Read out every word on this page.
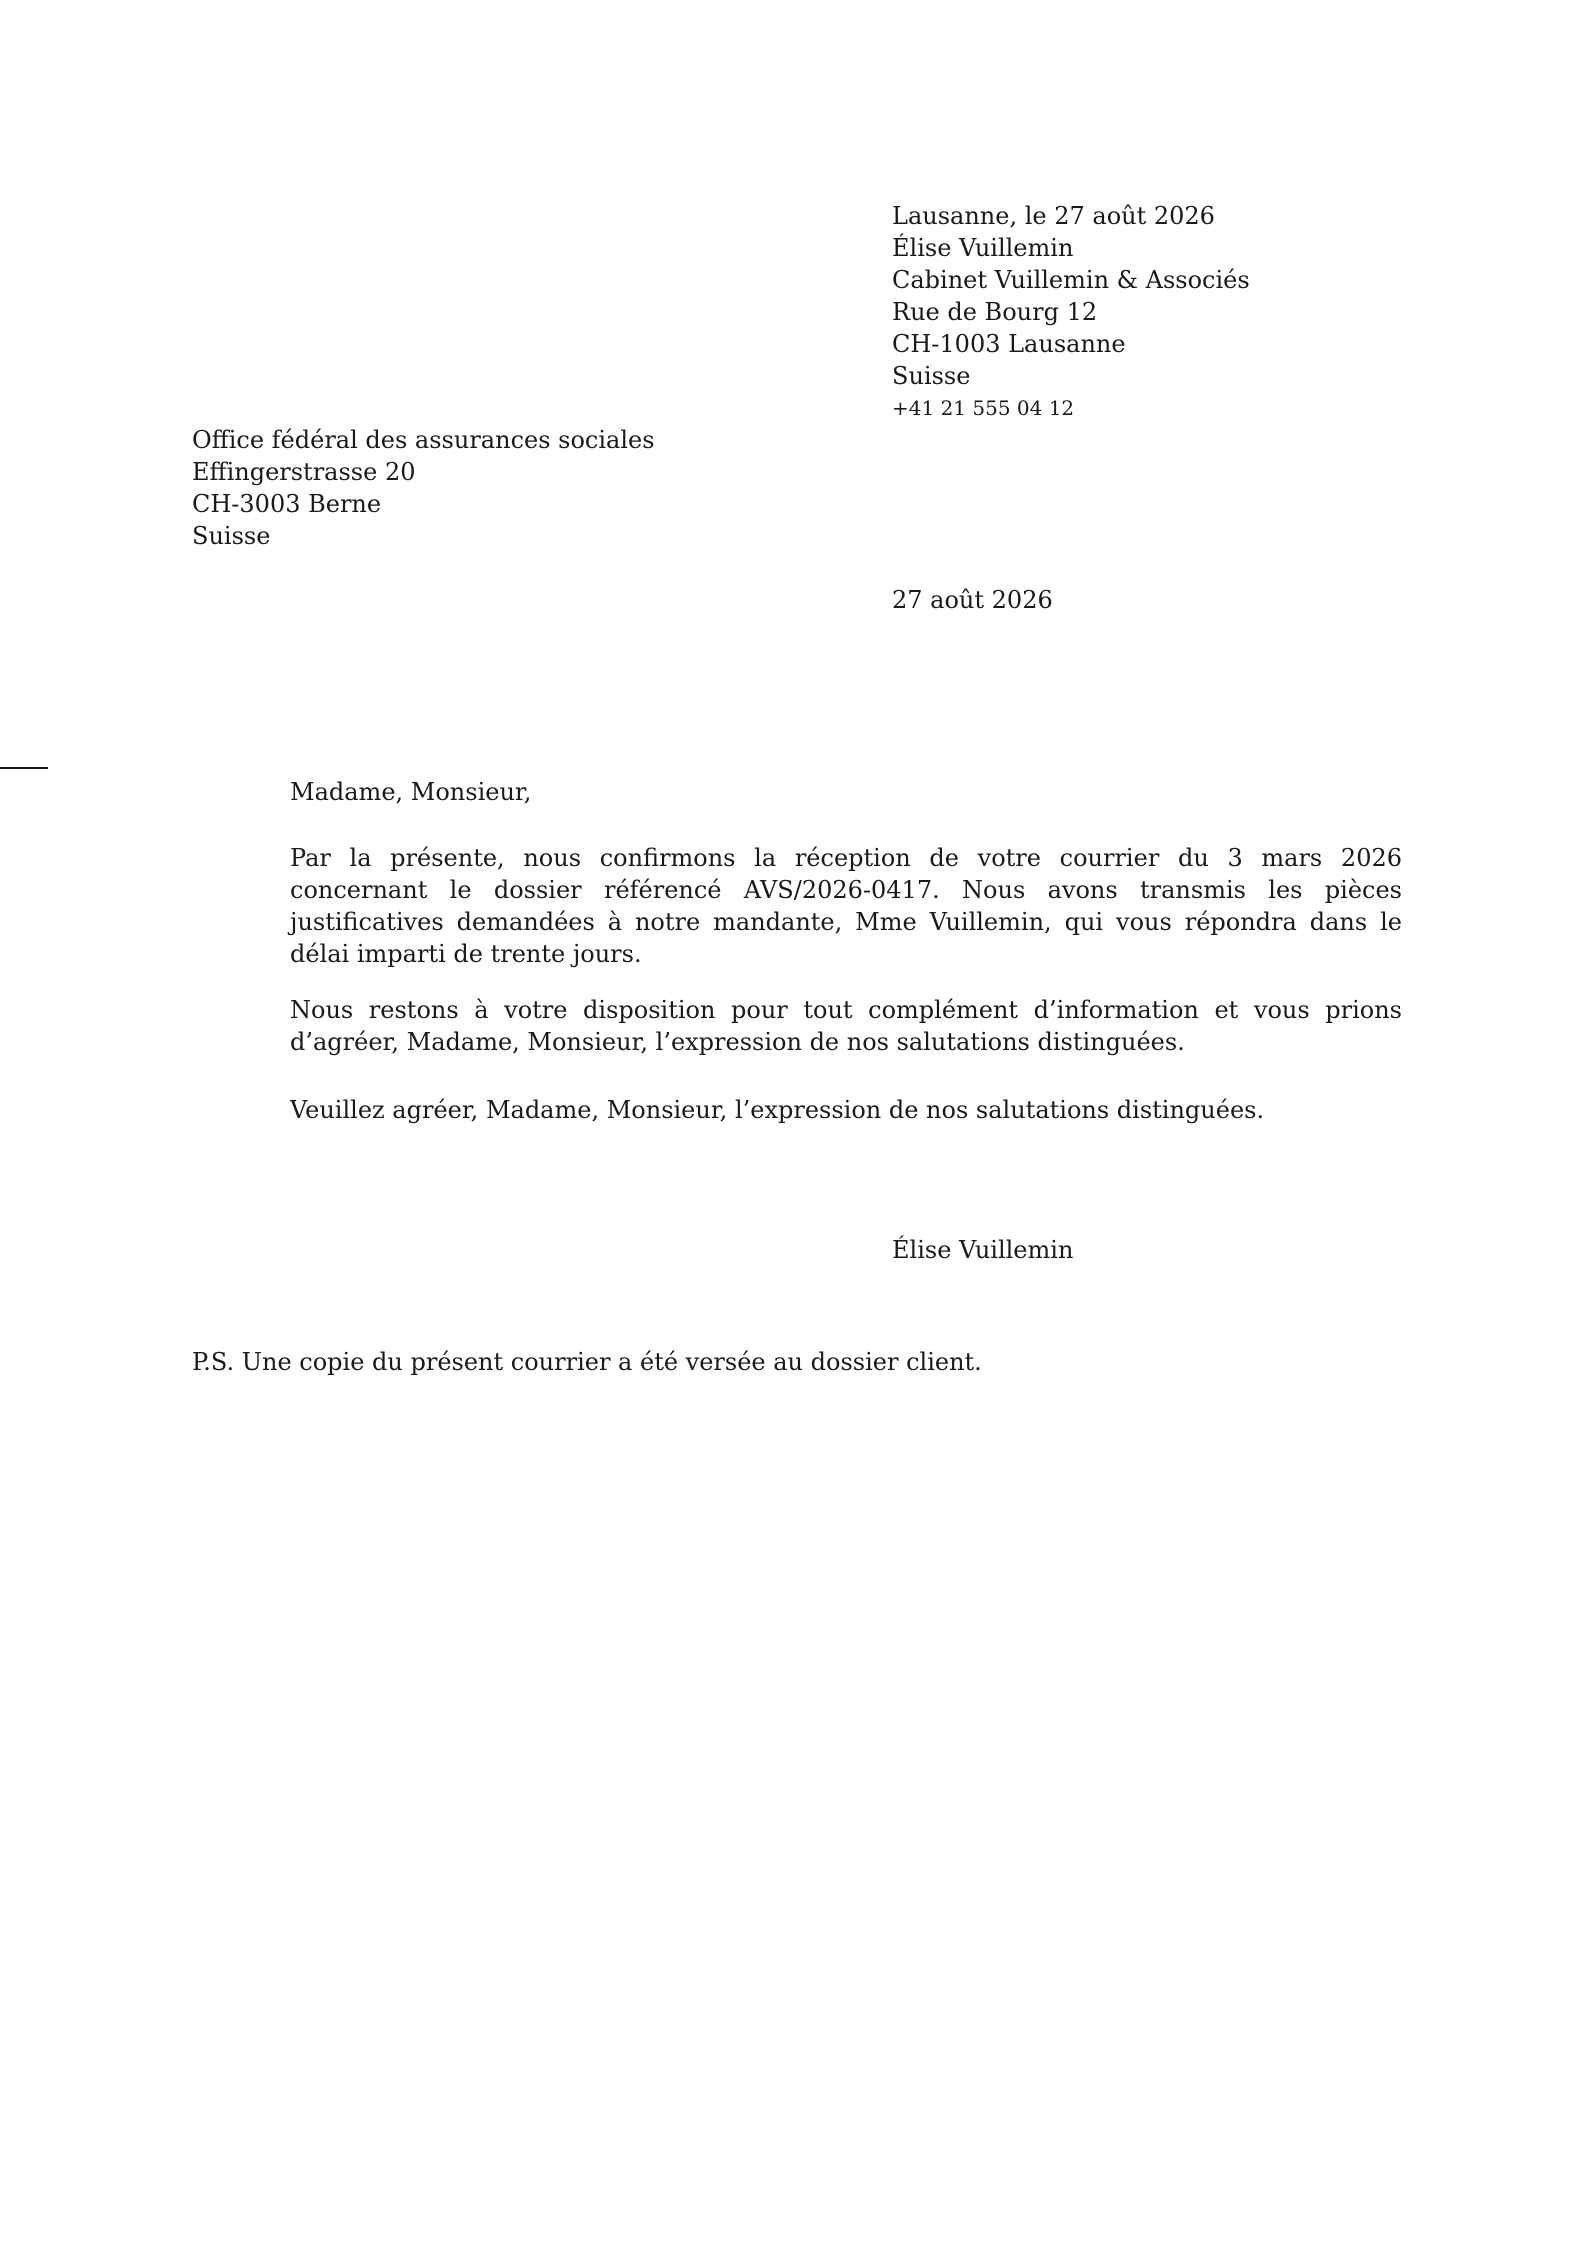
Lausanne, le 27 août 2026
Élise Vuillemin
Cabinet Vuillemin & Associés
Rue de Bourg 12
CH-1003 Lausanne
Suisse
+41 21 555 04 12
Office fédéral des assurances sociales
Effingerstrasse 20
CH-3003 Berne
Suisse
27 août 2026
Madame, Monsieur,

Par la présente, nous confirmons la réception de votre courrier du 3 mars 2026 concernant le dossier référencé AVS/2026-0417. Nous avons transmis les pièces justificatives demandées à notre mandante, Mme Vuillemin, qui vous répondra dans le délai imparti de trente jours.

Nous restons à votre disposition pour tout complément d’information et vous prions d’agréer, Madame, Monsieur, l’expression de nos salutations distinguées.

Veuillez agréer, Madame, Monsieur, l’expression de nos salutations distinguées.
Élise Vuillemin
P.S. Une copie du présent courrier a été versée au dossier client.
